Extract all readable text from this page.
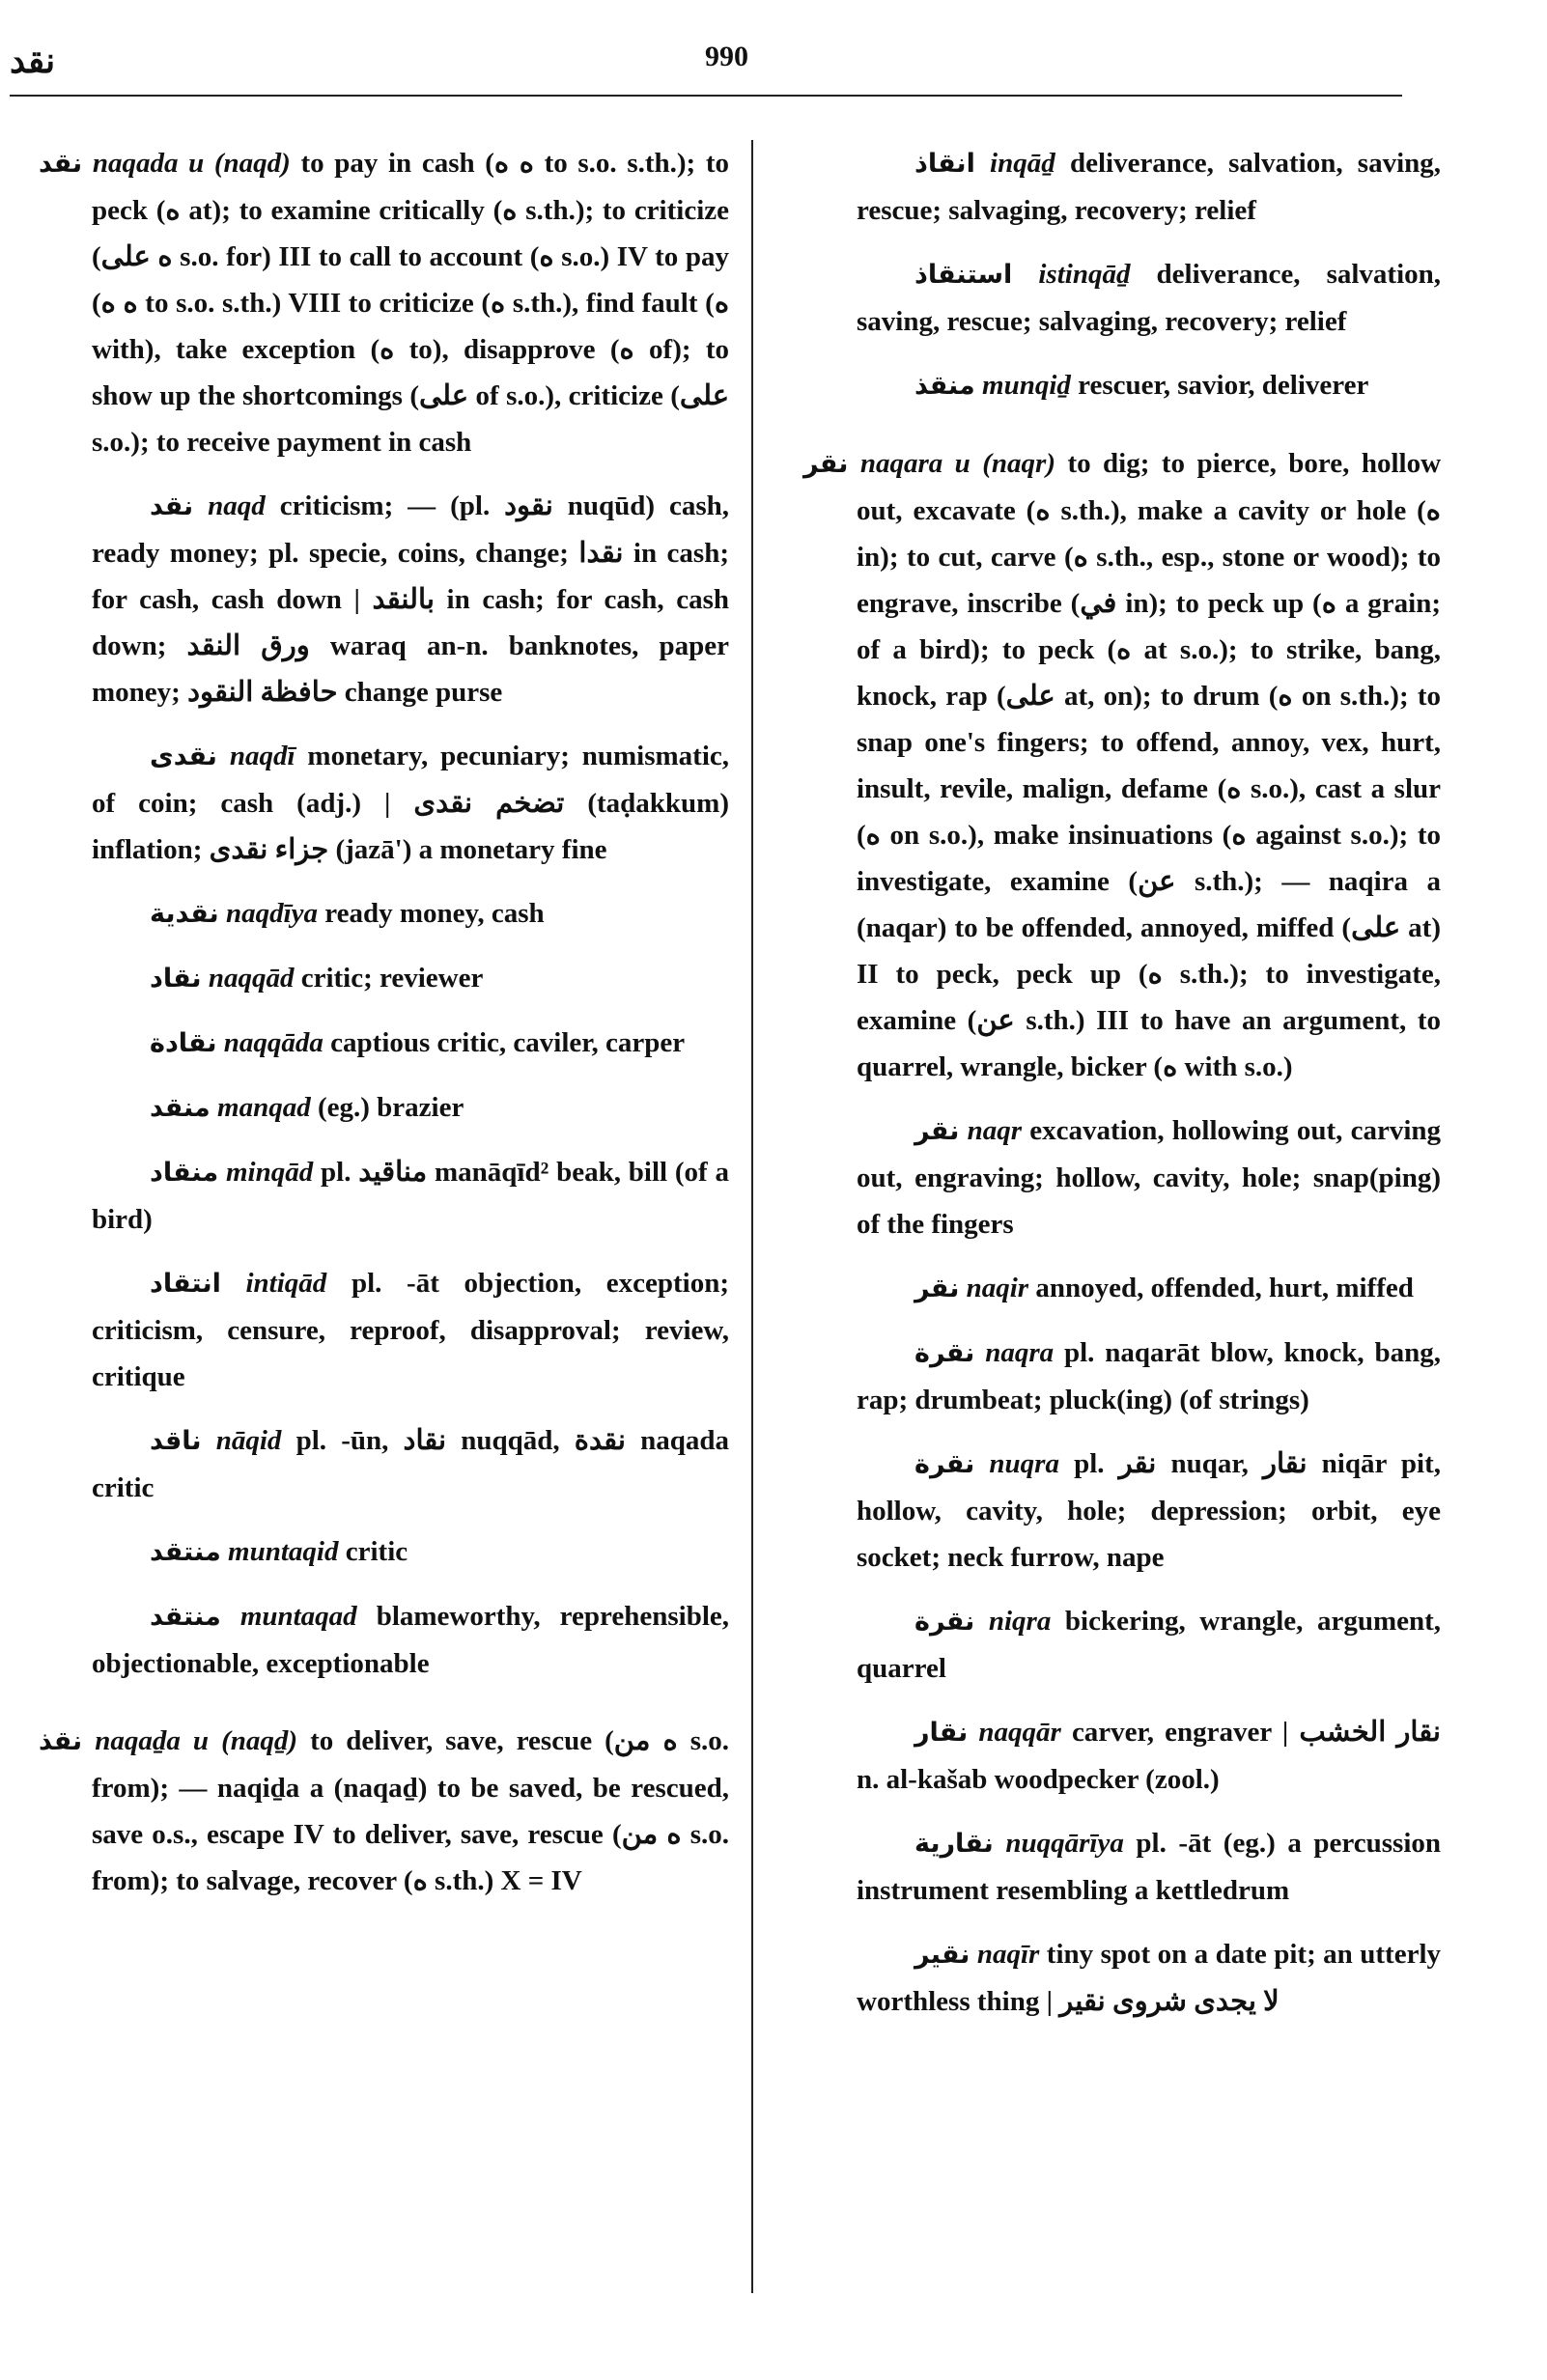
نقد	990

نقد naqada u (naqd) to pay in cash (ه ه to s.o. s.th.); to peck (ه at); to examine critically (ه s.th.); to criticize (ه على s.o. for) III to call to account (ه s.o.) IV to pay (ه ه to s.o. s.th.) VIII to criticize (ه s.th.), find fault (ه with), take exception (ه to), disapprove (ه of); to show up the shortcomings (على of s.o.), criticize (على s.o.); to receive payment in cash

نقد naqd criticism; — (pl. نقود nuqūd) cash, ready money; pl. specie, coins, change; نقدا in cash; for cash, cash down | بالنقد in cash; for cash, cash down; ورق النقد waraq an-n. banknotes, paper money; حافظة النقود change purse

نقدى naqdī monetary, pecuniary; numismatic, of coin; cash (adj.) | تضخم نقدى (taḍakkum) inflation; جزاء نقدى (jazā') a monetary fine

نقدية naqdīya ready money, cash

نقاد naqqād critic; reviewer

نقادة naqqāda captious critic, caviler, carper

منقد manqad (eg.) brazier

منقاد minqād pl. مناقيد manāqīd² beak, bill (of a bird)

انتقاد intiqād pl. -āt objection, exception; criticism, censure, reproof, disapproval; review, critique

ناقد nāqid pl. -ūn, نقاد nuqqād, نقدة naqada critic

منتقد muntaqid critic

منتقد muntaqad blameworthy, reprehensible, objectionable, exceptionable

نقذ naqaḏa u (naqḏ) to deliver, save, rescue (ه من s.o. from); — naqiḏa a (naqaḏ) to be saved, be rescued, save o.s., escape IV to deliver, save, rescue (ه من s.o. from); to salvage, recover (ه s.th.) X = IV

انقاذ inqāḏ deliverance, salvation, saving, rescue; salvaging, recovery; relief

استنقاذ istinqāḏ deliverance, salvation, saving, rescue; salvaging, recovery; relief

منقذ munqiḏ rescuer, savior, deliverer

نقر naqara u (naqr) to dig; to pierce, bore, hollow out, excavate (ه s.th.), make a cavity or hole (ه in); to cut, carve (ه s.th., esp., stone or wood); to engrave, inscribe (في in); to peck up (ه a grain; of a bird); to peck (ه at s.o.); to strike, bang, knock, rap (على at, on); to drum (ه on s.th.); to snap one's fingers; to offend, annoy, vex, hurt, insult, revile, malign, defame (ه s.o.), cast a slur (ه on s.o.), make insinuations (ه against s.o.); to investigate, examine (عن s.th.); — naqira a (naqar) to be offended, annoyed, miffed (على at) II to peck, peck up (ه s.th.); to investigate, examine (عن s.th.) III to have an argument, to quarrel, wrangle, bicker (ه with s.o.)

نقر naqr excavation, hollowing out, carving out, engraving; hollow, cavity, hole; snap(ping) of the fingers

نقر naqir annoyed, offended, hurt, miffed

نقرة naqra pl. naqarāt blow, knock, bang, rap; drumbeat; pluck(ing) (of strings)

نقرة nuqra pl. نقر nuqar, نقار niqār pit, hollow, cavity, hole; depression; orbit, eye socket; neck furrow, nape

نقرة niqra bickering, wrangle, argument, quarrel

نقار naqqār carver, engraver | نقار الخشب n. al-kašab woodpecker (zool.)

نقارية nuqqārīya pl. -āt (eg.) a percussion instrument resembling a kettledrum

نقير naqīr tiny spot on a date pit; an utterly worthless thing | لا يجدى شروى نقير
